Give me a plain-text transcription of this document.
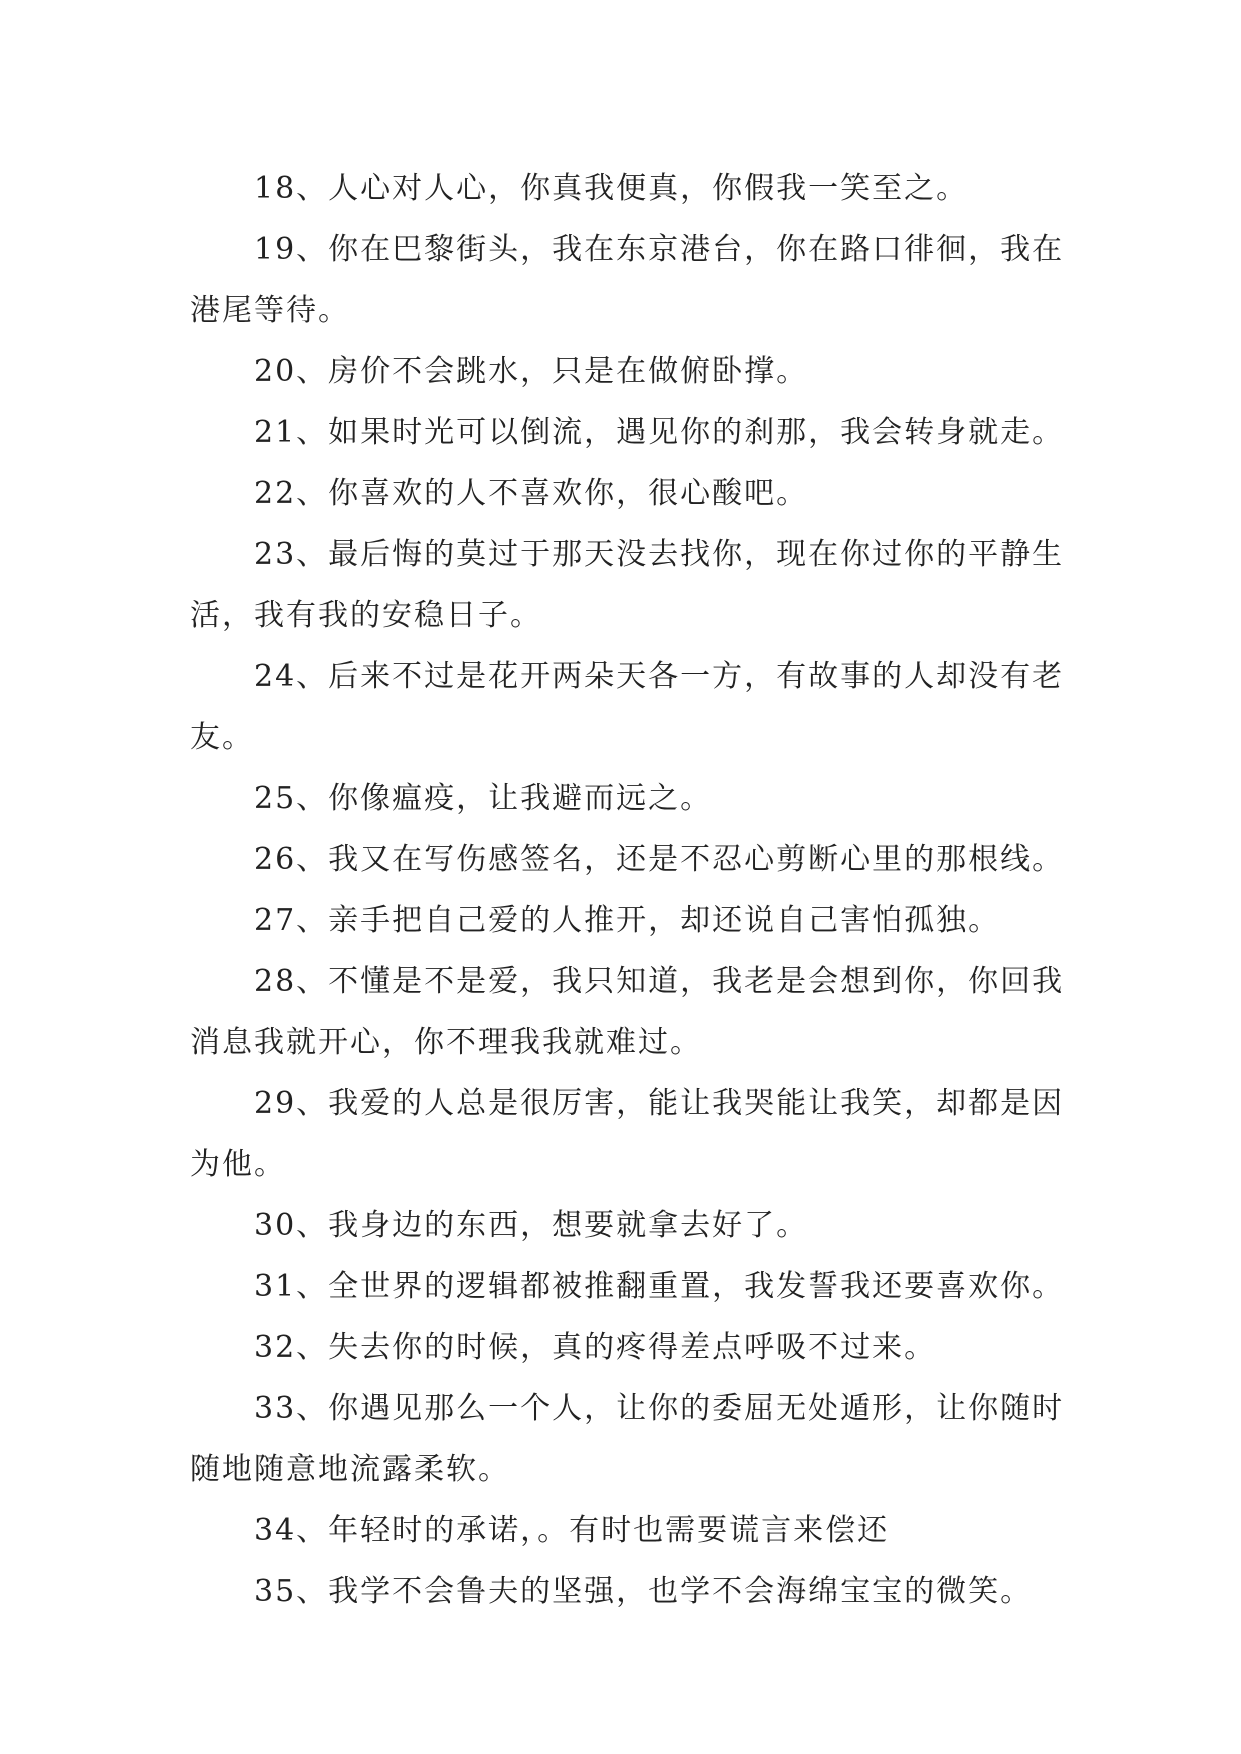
18、人心对人心，你真我便真，你假我一笑至之。

19、你在巴黎街头，我在东京港台，你在路口徘徊，我在港尾等待。

20、房价不会跳水，只是在做俯卧撑。

21、如果时光可以倒流，遇见你的刹那，我会转身就走。

22、你喜欢的人不喜欢你，很心酸吧。

23、最后悔的莫过于那天没去找你，现在你过你的平静生活，我有我的安稳日子。

24、后来不过是花开两朵天各一方，有故事的人却没有老友。

25、你像瘟疫，让我避而远之。

26、我又在写伤感签名，还是不忍心剪断心里的那根线。

27、亲手把自己爱的人推开，却还说自己害怕孤独。

28、不懂是不是爱，我只知道，我老是会想到你，你回我消息我就开心，你不理我我就难过。

29、我爱的人总是很厉害，能让我哭能让我笑，却都是因为他。

30、我身边的东西，想要就拿去好了。

31、全世界的逻辑都被推翻重置，我发誓我还要喜欢你。

32、失去你的时候，真的疼得差点呼吸不过来。

33、你遇见那么一个人，让你的委屈无处遁形，让你随时随地随意地流露柔软。

34、年轻时的承诺，。有时也需要谎言来偿还

35、我学不会鲁夫的坚强，也学不会海绵宝宝的微笑。
